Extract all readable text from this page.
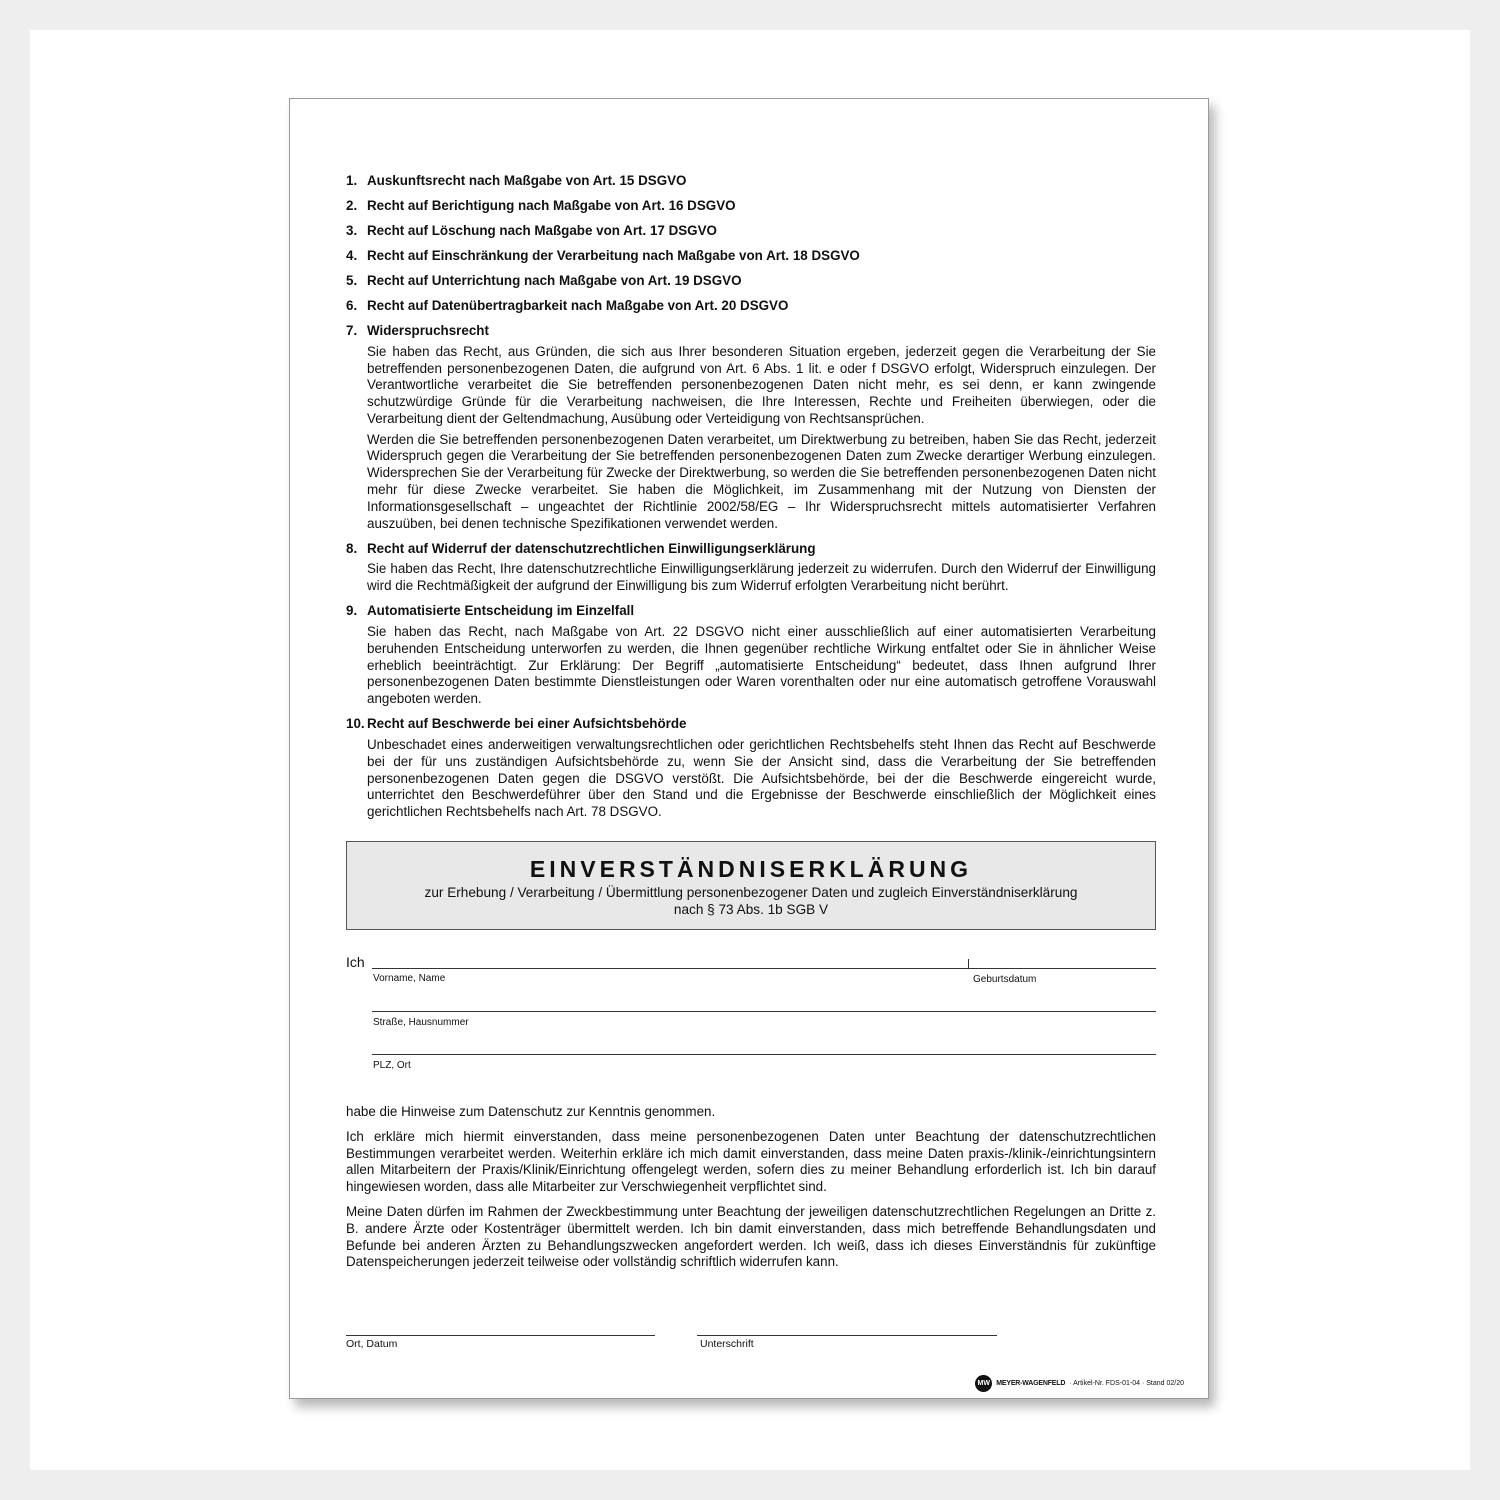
1. Auskunftsrecht nach Maßgabe von Art. 15 DSGVO
2. Recht auf Berichtigung nach Maßgabe von Art. 16 DSGVO
3. Recht auf Löschung nach Maßgabe von Art. 17 DSGVO
4. Recht auf Einschränkung der Verarbeitung nach Maßgabe von Art. 18 DSGVO
5. Recht auf Unterrichtung nach Maßgabe von Art. 19 DSGVO
6. Recht auf Datenübertragbarkeit nach Maßgabe von Art. 20 DSGVO
7. Widerspruchsrecht

Sie haben das Recht, aus Gründen, die sich aus Ihrer besonderen Situation ergeben, jederzeit gegen die Verarbeitung der Sie betreffenden personenbezogenen Daten, die aufgrund von Art. 6 Abs. 1 lit. e oder f DSGVO erfolgt, Widerspruch einzulegen. Der Verantwortliche verarbeitet die Sie betreffenden personenbezogenen Daten nicht mehr, es sei denn, er kann zwingende schutzwürdige Gründe für die Verarbeitung nachweisen, die Ihre Interessen, Rechte und Freiheiten überwiegen, oder die Verarbeitung dient der Geltendmachung, Ausübung oder Verteidigung von Rechtsansprüchen.

Werden die Sie betreffenden personenbezogenen Daten verarbeitet, um Direktwerbung zu betreiben, haben Sie das Recht, jederzeit Widerspruch gegen die Verarbeitung der Sie betreffenden personenbezogenen Daten zum Zwecke derartiger Werbung einzulegen. Widersprechen Sie der Verarbeitung für Zwecke der Direktwerbung, so werden die Sie betreffenden personenbezogenen Daten nicht mehr für diese Zwecke verarbeitet. Sie haben die Möglichkeit, im Zusammenhang mit der Nutzung von Diensten der Informationsgesellschaft – ungeachtet der Richtlinie 2002/58/EG – Ihr Widerspruchsrecht mittels automatisierter Verfahren auszuüben, bei denen technische Spezifikationen verwendet werden.

8. Recht auf Widerruf der datenschutzrechtlichen Einwilligungserklärung

Sie haben das Recht, Ihre datenschutzrechtliche Einwilligungserklärung jederzeit zu widerrufen. Durch den Widerruf der Einwilligung wird die Rechtmäßigkeit der aufgrund der Einwilligung bis zum Widerruf erfolgten Verarbeitung nicht berührt.

9. Automatisierte Entscheidung im Einzelfall

Sie haben das Recht, nach Maßgabe von Art. 22 DSGVO nicht einer ausschließlich auf einer automatisierten Verarbeitung beruhenden Entscheidung unterworfen zu werden, die Ihnen gegenüber rechtliche Wirkung entfaltet oder Sie in ähnlicher Weise erheblich beeinträchtigt. Zur Erklärung: Der Begriff „automatisierte Entscheidung“ bedeutet, dass Ihnen aufgrund Ihrer personenbezogenen Daten bestimmte Dienstleistungen oder Waren vorenthalten oder nur eine automatisch getroffene Vorauswahl angeboten werden.

10. Recht auf Beschwerde bei einer Aufsichtsbehörde

Unbeschadet eines anderweitigen verwaltungsrechtlichen oder gerichtlichen Rechtsbehelfs steht Ihnen das Recht auf Beschwerde bei der für uns zuständigen Aufsichtsbehörde zu, wenn Sie der Ansicht sind, dass die Verarbeitung der Sie betreffenden personenbezogenen Daten gegen die DSGVO verstößt. Die Aufsichtsbehörde, bei der die Beschwerde eingereicht wurde, unterrichtet den Beschwerdeführer über den Stand und die Ergebnisse der Beschwerde einschließlich der Möglichkeit eines gerichtlichen Rechtsbehelfs nach Art. 78 DSGVO.

EINVERSTÄNDNISERKLÄRUNG
zur Erhebung / Verarbeitung / Übermittlung personenbezogener Daten und zugleich Einverständniserklärung
nach § 73 Abs. 1b SGB V
Ich
Vorname, Name	Geburtsdatum
Straße, Hausnummer
PLZ, Ort

habe die Hinweise zum Datenschutz zur Kenntnis genommen.

Ich erkläre mich hiermit einverstanden, dass meine personenbezogenen Daten unter Beachtung der datenschutzrechtlichen Bestimmungen verarbeitet werden. Weiterhin erkläre ich mich damit einverstanden, dass meine Daten praxis-/klinik-/einrichtungsintern allen Mitarbeitern der Praxis/Klinik/Einrichtung offengelegt werden, sofern dies zu meiner Behandlung erforderlich ist. Ich bin darauf hingewiesen worden, dass alle Mitarbeiter zur Verschwiegenheit verpflichtet sind.

Meine Daten dürfen im Rahmen der Zweckbestimmung unter Beachtung der jeweiligen datenschutzrechtlichen Regelungen an Dritte z. B. andere Ärzte oder Kostenträger übermittelt werden. Ich bin damit einverstanden, dass mich betreffende Behandlungsdaten und Befunde bei anderen Ärzten zu Behandlungszwecken angefordert werden. Ich weiß, dass ich dieses Einverständnis für zukünftige Datenspeicherungen jederzeit teilweise oder vollständig schriftlich widerrufen kann.

Ort, Datum	Unterschrift
MW MEYER-WAGENFELD · Artikel-Nr. FDS-01-04 · Stand 02/20
